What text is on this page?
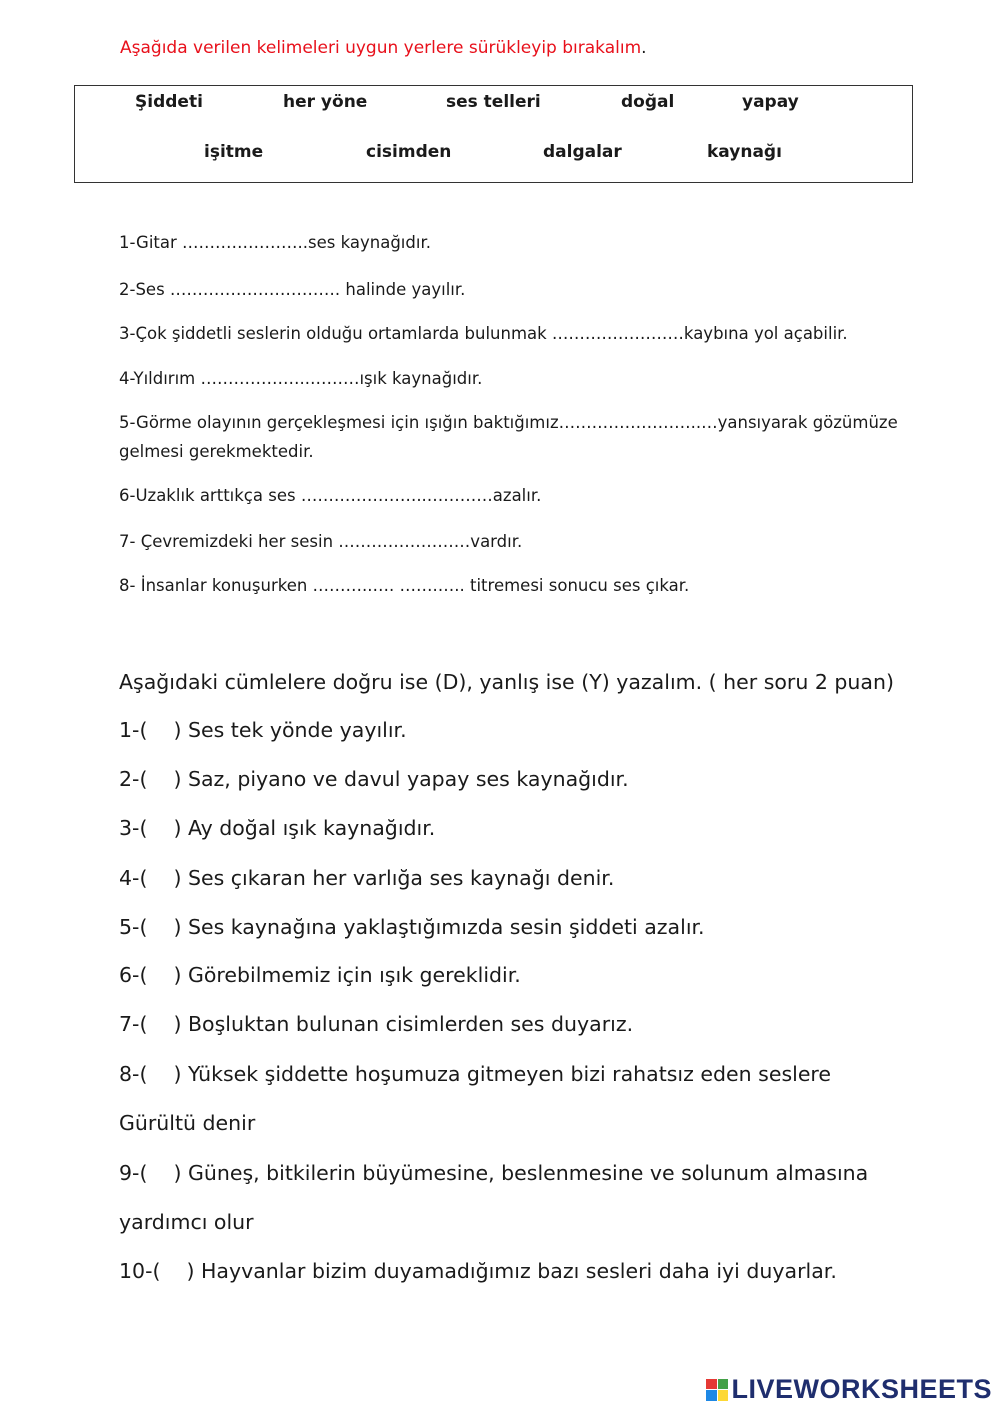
Aşağıda verilen kelimeleri uygun yerlere sürükleyip bırakalım.
Şiddeti	her yöne	ses telleri	doğal	yapay
işitme	cisimden	dalgalar	kaynağı
1-Gitar …………………..ses kaynağıdır.
2-Ses …………………………. halinde yayılır.
3-Çok şiddetli seslerin olduğu ortamlarda bulunmak ……………………kaybına yol açabilir.
4-Yıldırım ………………..………ışık kaynağıdır.
5-Görme olayının gerçekleşmesi için ışığın baktığımız……………………..…yansıyarak gözümüze
gelmesi gerekmektedir.
6-Uzaklık arttıkça ses …………………..…………azalır.
7- Çevremizdeki her sesin ……………………vardır.
8- İnsanlar konuşurken ………..…. …….….. titremesi sonucu ses çıkar.
Aşağıdaki cümlelere doğru ise (D), yanlış ise (Y) yazalım. ( her soru 2 puan)
1-( ) Ses tek yönde yayılır.
2-( ) Saz, piyano ve davul yapay ses kaynağıdır.
3-( ) Ay doğal ışık kaynağıdır.
4-( ) Ses çıkaran her varlığa ses kaynağı denir.
5-( ) Ses kaynağına yaklaştığımızda sesin şiddeti azalır.
6-( ) Görebilmemiz için ışık gereklidir.
7-( ) Boşluktan bulunan cisimlerden ses duyarız.
8-( ) Yüksek şiddette hoşumuza gitmeyen bizi rahatsız eden seslere
Gürültü denir
9-( ) Güneş, bitkilerin büyümesine, beslenmesine ve solunum almasına
yardımcı olur
10-( ) Hayvanlar bizim duyamadığımız bazı sesleri daha iyi duyarlar.
LIVEWORKSHEETS
